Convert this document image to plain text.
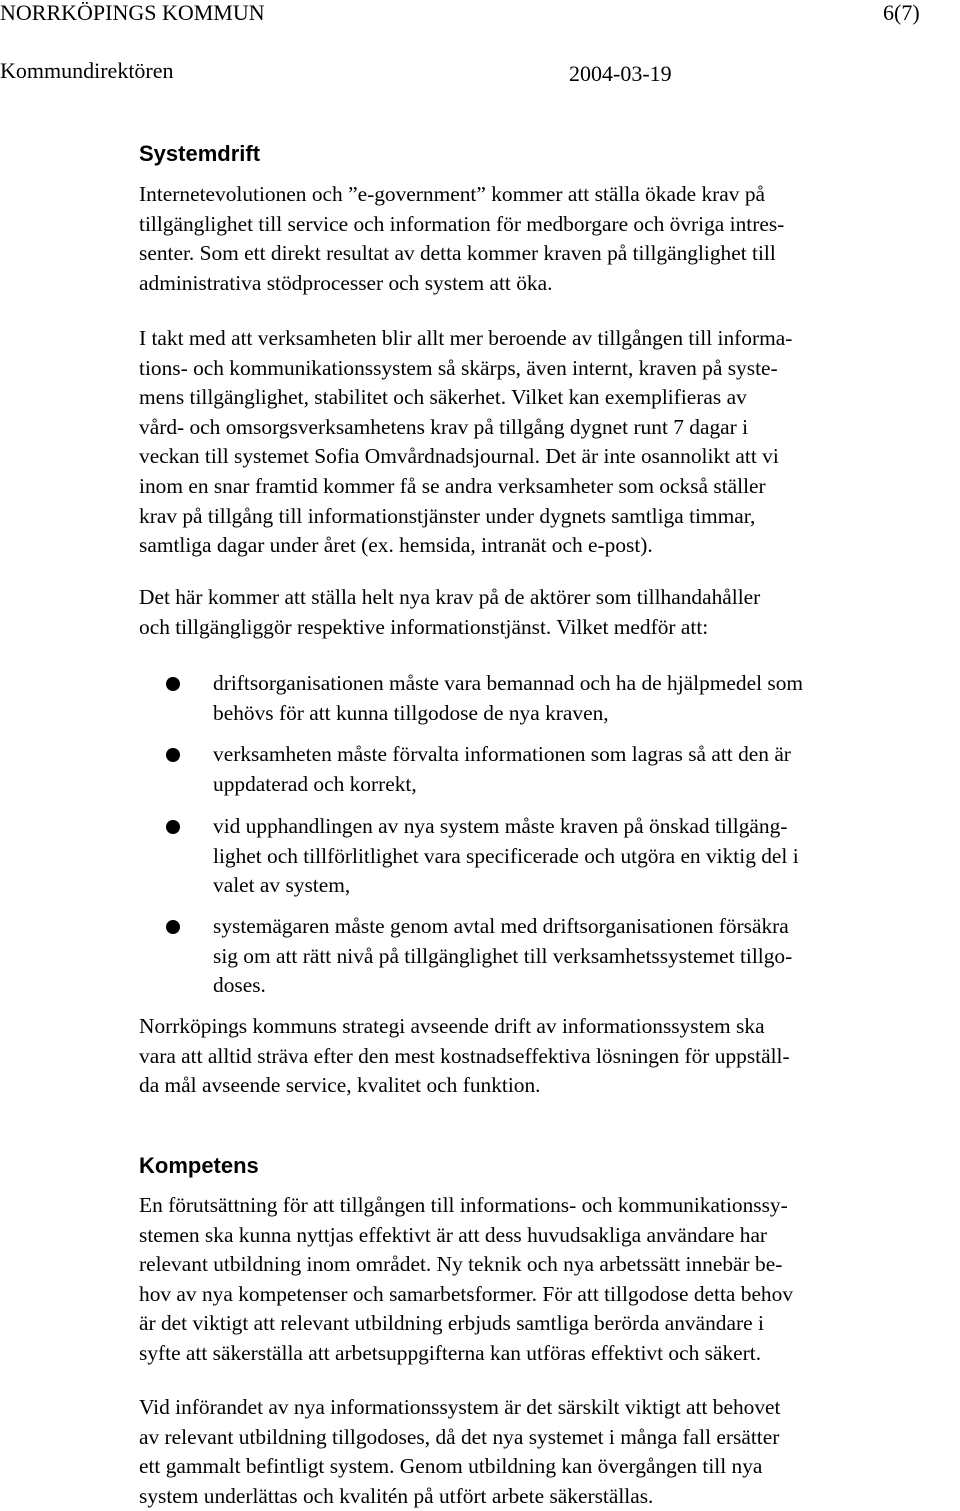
NORRKÖPINGS KOMMUN	6(7)
Kommundirektören	2004-03-19
Systemdrift
Internetevolutionen och ”e-government” kommer att ställa ökade krav på
tillgänglighet till service och information för medborgare och övriga intres-
senter. Som ett direkt resultat av detta kommer kraven på tillgänglighet till
administrativa stödprocesser och system att öka.
I takt med att verksamheten blir allt mer beroende av tillgången till informa-
tions- och kommunikationssystem så skärps, även internt, kraven på syste-
mens tillgänglighet, stabilitet och säkerhet. Vilket kan exemplifieras av
vård- och omsorgsverksamhetens krav på tillgång dygnet runt 7 dagar i
veckan till systemet Sofia Omvårdnadsjournal. Det är inte osannolikt att vi
inom en snar framtid kommer få se andra verksamheter som också ställer
krav på tillgång till informationstjänster under dygnets samtliga timmar,
samtliga dagar under året (ex. hemsida, intranät och e-post).
Det här kommer att ställa helt nya krav på de aktörer som tillhandahåller
och tillgängliggör respektive informationstjänst. Vilket medför att:
driftsorganisationen måste vara bemannad och ha de hjälpmedel som
behövs för att kunna tillgodose de nya kraven,
verksamheten måste förvalta informationen som lagras så att den är
uppdaterad och korrekt,
vid upphandlingen av nya system måste kraven på önskad tillgäng-
lighet och tillförlitlighet vara specificerade och utgöra en viktig del i
valet av system,
systemägaren måste genom avtal med driftsorganisationen försäkra
sig om att rätt nivå på tillgänglighet till verksamhetssystemet tillgo-
doses.
Norrköpings kommuns strategi avseende drift av informationssystem ska
vara att alltid sträva efter den mest kostnadseffektiva lösningen för uppställ-
da mål avseende service, kvalitet och funktion.
Kompetens
En förutsättning för att tillgången till informations- och kommunikationssy-
stemen ska kunna nyttjas effektivt är att dess huvudsakliga användare har
relevant utbildning inom området. Ny teknik och nya arbetssätt innebär be-
hov av nya kompetenser och samarbetsformer. För att tillgodose detta behov
är det viktigt att relevant utbildning erbjuds samtliga berörda användare i
syfte att säkerställa att arbetsuppgifterna kan utföras effektivt och säkert.
Vid införandet av nya informationssystem är det särskilt viktigt att behovet
av relevant utbildning tillgodoses, då det nya systemet i många fall ersätter
ett gammalt befintligt system. Genom utbildning kan övergången till nya
system underlättas och kvalitén på utfört arbete säkerställas.
